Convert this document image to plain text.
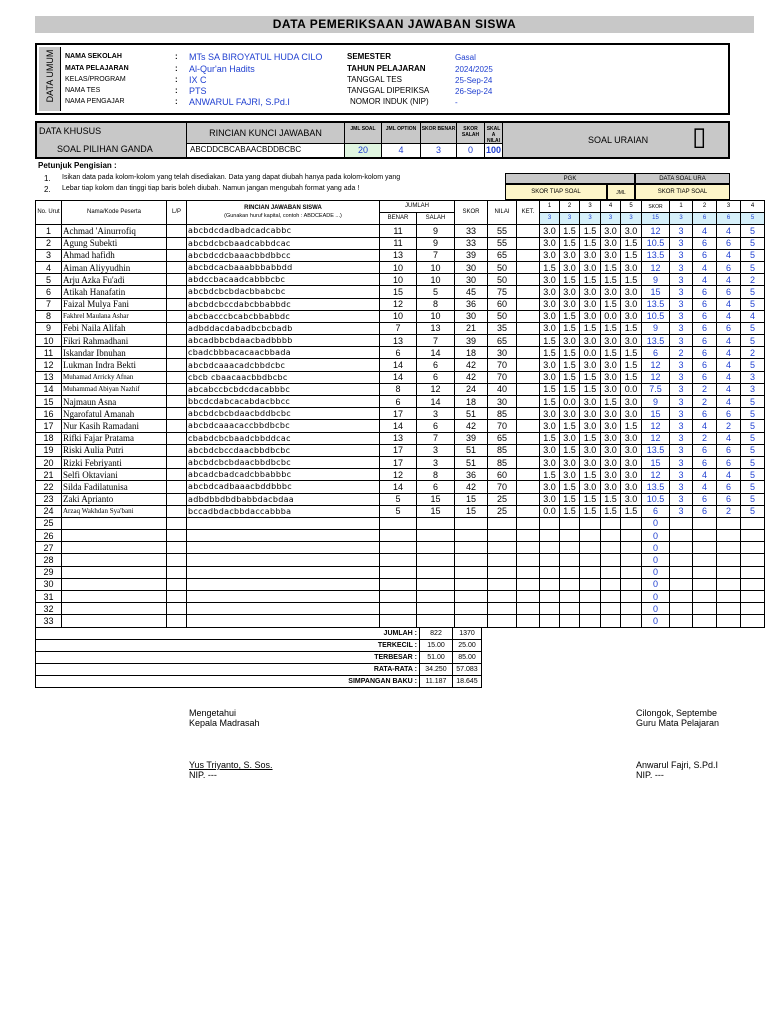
DATA PEMERIKSAAN JAWABAN SISWA
DATA UMUM NAMA SEKOLAH	: MTs SA BIROYATUL HUDA CILO
MATA PELAJARAN	: Al-Qur'an Hadits
KELAS/PROGRAM	: IX C
NAMA TES	: PTS
NAMA PENGAJAR	: ANWARUL FAJRI, S.Pd.I
SEMESTER	Gasal
TAHUN PELAJARAN	2024/2025
TANGGAL TES	25-Sep-24
TANGGAL DIPERIKSA	26-Sep-24
NOMOR INDUK (NIP)	-
DATA KHUSUS
SOAL PILIHAN GANDA
RINCIAN KUNCI JAWABAN
ABCDDCBCABAACBDDBCBC
JML SOAL
20
JML OPTION
4
SKOR BENAR
3
SKOR SALAH
0
SKAL A NILAI
100
SOAL URAIAN ▯
Petunjuk Pengisian :
1. Isikan data pada kolom-kolom yang telah disediakan. Data yang dapat diubah hanya pada kolom-kolom yang
2. Lebar tiap kolom dan tinggi tiap baris boleh diubah. Namun jangan mengubah format yang ada !
PGK	DATA SOAL URA
SKOR TIAP SOAL	JML	SKOR TIAP SOAL
No. Urut	Nama/Kode Peserta	L/P	RINCIAN JAWABAN SISWA
(Gunakan huruf kapital, contoh : ABDCEADE ...)	JUMLAH		SKOR	NILAI	KET.	1	2	3	4	5	SKOR	1	2	3	4
				BENAR	SALAH				3	3	3	3	3	15	3	6	6	5

1	Achmad 'Ainurrofiq		abcbdcdadbadcadcabbc	11	9	33	55		3.0	1.5	1.5	3.0	3.0	12	3	4	4	5
2	Agung Subekti		abcbdcbcbaadcabbdcac	11	9	33	55		3.0	1.5	1.5	3.0	1.5	10.5	3	6	6	5
3	Ahmad hafidh		abcbdcdcbaaacbbdbbcc	13	7	39	65		3.0	3.0	3.0	3.0	1.5	13.5	3	6	4	5
4	Aiman Aliyyudhin		abcbdcacbaaabbbabbdd	10	10	30	50		1.5	3.0	3.0	1.5	3.0	12	3	4	6	5
5	Arju Azka Fu'adi		abdccbacaadcabbbcbc	10	10	30	50		3.0	1.5	1.5	1.5	1.5	9	3	4	4	2
6	Atikah Hanafatin		abcbdcbcbdacbbabcbc	15	5	45	75		3.0	3.0	3.0	3.0	3.0	15	3	6	6	5
7	Faizal Mulya Fani		abcbdcbccdabcbbabbdc	12	8	36	60		3.0	3.0	3.0	1.5	3.0	13.5	3	6	4	5
8	Fakhrel Maulana Ashar		abcbacccbcabcbbabbdc	10	10	30	50		3.0	1.5	3.0	0.0	3.0	10.5	3	6	4	4
9	Febi Naila Alifah		adbddacdabadbcbcbadb	7	13	21	35		3.0	1.5	1.5	1.5	1.5	9	3	6	6	5
10	Fikri Rahmadhani		abcadbbcbdaacbadbbbb	13	7	39	65		1.5	3.0	3.0	3.0	3.0	13.5	3	6	4	5
11	Iskandar Ibnuhan		cbadcbbbacacaacbbada	6	14	18	30		1.5	1.5	0.0	1.5	1.5	6	2	6	4	2
12	Lukman Indra Bekti		abcbdcaaacadcbbdcbc	14	6	42	70		3.0	1.5	3.0	3.0	1.5	12	3	6	4	5
13	Muhamad Arricky Afnan		cbcb cbaacaacbbdbcbc	14	6	42	70		3.0	1.5	1.5	3.0	1.5	12	3	6	4	3
14	Muhammad Abiyan Nazhif		abcabccbcbdcdacabbbc	8	12	24	40		1.5	1.5	1.5	3.0	0.0	7.5	3	2	4	3
15	Najmaun Asna		bbcdcdabcacabdacbbcc	6	14	18	30		1.5	0.0	3.0	1.5	3.0	9	3	2	4	5
16	Ngarofatul Amanah		abcbdcbcbdaacbddbcbc	17	3	51	85		3.0	3.0	3.0	3.0	3.0	15	3	6	6	5
17	Nur Kasih Ramadani		abcbdcaaacaccbbdbcbc	14	6	42	70		3.0	1.5	3.0	3.0	1.5	12	3	4	2	5
18	Rifki Fajar Pratama		cbabdcbcbaadcbbddcac	13	7	39	65		1.5	3.0	1.5	3.0	3.0	12	3	2	4	5
19	Riski Aulia Putri		abcbdcbccdaacbbdbcbc	17	3	51	85		3.0	1.5	3.0	3.0	3.0	13.5	3	6	6	5
20	Rizki Febriyanti		abcbdcbcbdaacbbdbcbc	17	3	51	85		3.0	3.0	3.0	3.0	3.0	15	3	6	6	5
21	Selfi Oktaviani		abcadcbadcadcbbabbbc	12	8	36	60		1.5	3.0	1.5	3.0	3.0	12	3	4	4	5
22	Silda Fadilatunisa		abcbdcadbaaacbddbbbc	14	6	42	70		3.0	1.5	3.0	3.0	3.0	13.5	3	4	6	5
23	Zaki Aprianto		adbdbbdbdbabbdacbdaa	5	15	15	25		3.0	1.5	1.5	1.5	3.0	10.5	3	6	6	5
24	Arzaq Wakhdan Sya'bani		bccadbdacbbdaccabbba	5	15	15	25		0.0	1.5	1.5	1.5	1.5	6	3	6	2	5
25														0				
26														0				
27														0				
28														0				
29														0				
30														0				
31														0				
32														0				
33														0				
JUMLAH :	822	1370
TERKECIL :	15.00	25.00
TERBESAR :	51.00	85.00
RATA-RATA :	34.250	57.083
SIMPANGAN BAKU :	11.187	18.645
Mengetahui
Kepala Madrasah
Yus Triyanto, S. Sos.
NIP. ---
Cilongok, Septembe
Guru Mata Pelajaran
Anwarul Fajri, S.Pd.I
NIP. ---
